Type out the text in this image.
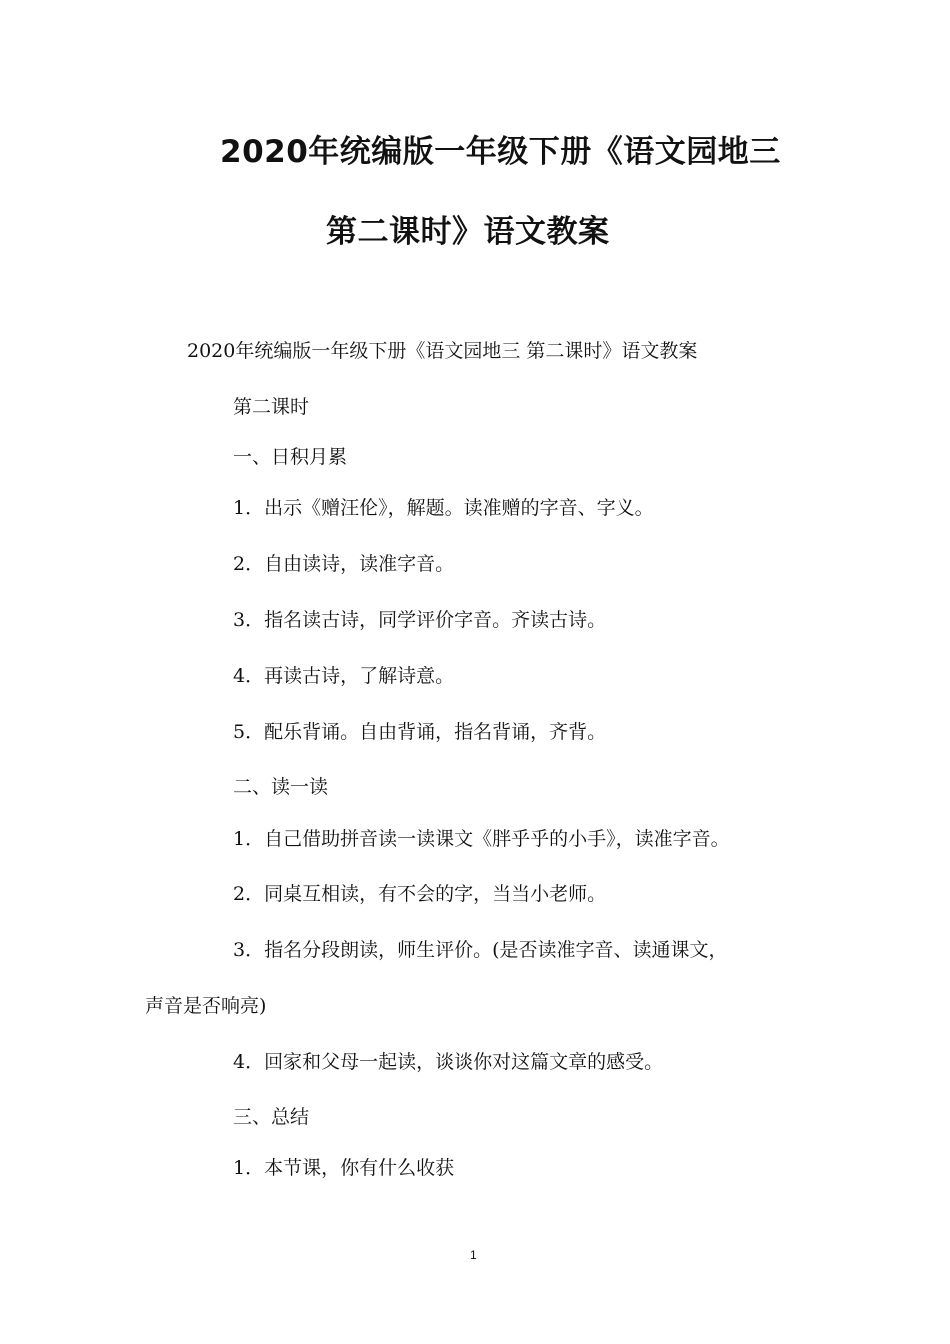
2020年统编版一年级下册《语文园地三
第二课时》语文教案
2020年统编版一年级下册《语文园地三 第二课时》语文教案
第二课时
一、日积月累
1．出示《赠汪伦》，解题。读准赠的字音、字义。
2．自由读诗，读准字音。
3．指名读古诗，同学评价字音。齐读古诗。
4．再读古诗，了解诗意。
5．配乐背诵。自由背诵，指名背诵，齐背。
二、读一读
1．自己借助拼音读一读课文《胖乎乎的小手》，读准字音。
2．同桌互相读，有不会的字，当当小老师。
3．指名分段朗读，师生评价。(是否读准字音、读通课文，
声音是否响亮)
4．回家和父母一起读，谈谈你对这篇文章的感受。
三、总结
1．本节课，你有什么收获
1
